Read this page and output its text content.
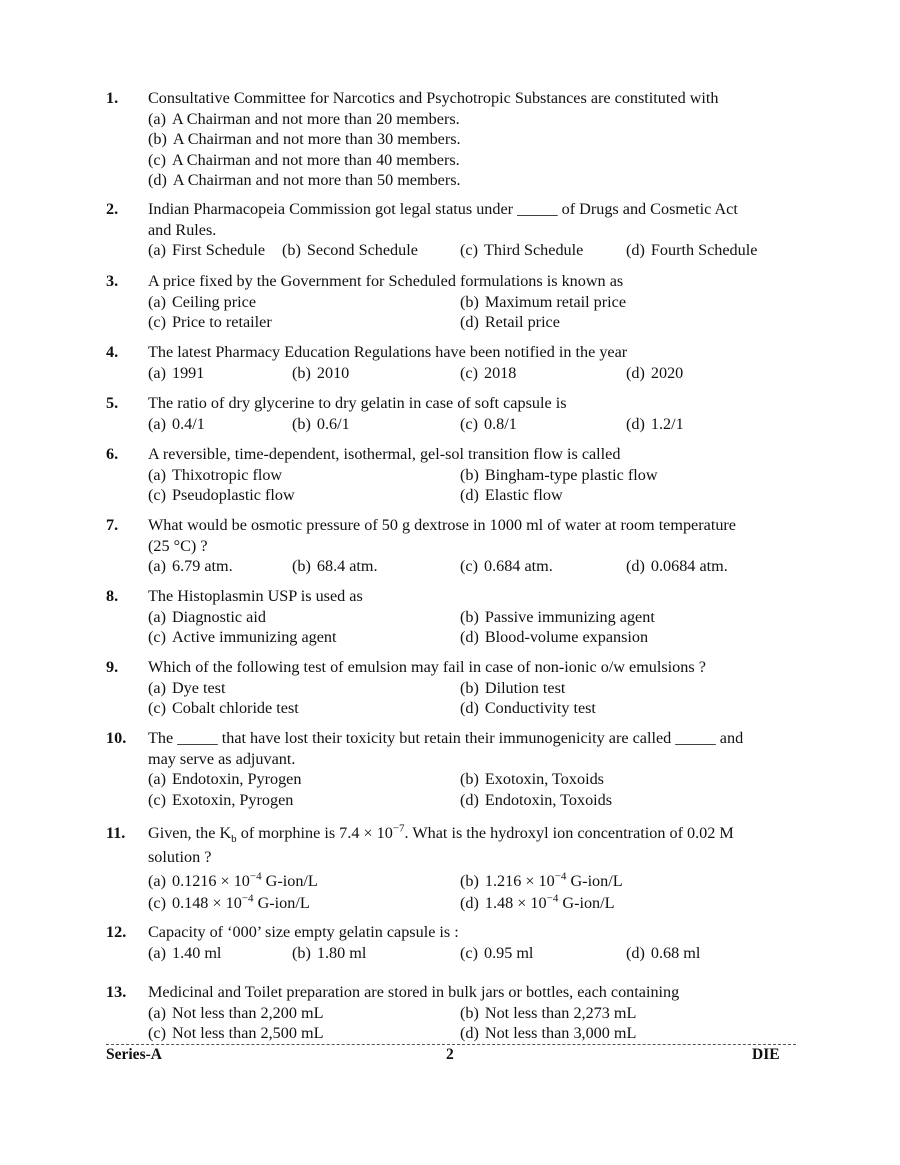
1.	Consultative Committee for Narcotics and Psychotropic Substances are constituted with
(a) A Chairman and not more than 20 members.
(b) A Chairman and not more than 30 members.
(c) A Chairman and not more than 40 members.
(d) A Chairman and not more than 50 members.
2.	Indian Pharmacopeia Commission got legal status under _____ of Drugs and Cosmetic Act
and Rules.
(a) First Schedule (b) Second Schedule	(c) Third Schedule	(d) Fourth Schedule
3.	A price fixed by the Government for Scheduled formulations is known as
(a) Ceiling price	(b) Maximum retail price
(c) Price to retailer	(d) Retail price
4.	The latest Pharmacy Education Regulations have been notified in the year
(a) 1991	(b) 2010	(c) 2018	(d) 2020
5.	The ratio of dry glycerine to dry gelatin in case of soft capsule is
(a) 0.4/1	(b) 0.6/1	(c) 0.8/1	(d) 1.2/1
6.	A reversible, time-dependent, isothermal, gel-sol transition flow is called
(a) Thixotropic flow	(b) Bingham-type plastic flow
(c) Pseudoplastic flow	(d) Elastic flow
7.	What would be osmotic pressure of 50 g dextrose in 1000 ml of water at room temperature
(25 °C) ?
(a) 6.79 atm.	(b) 68.4 atm.	(c) 0.684 atm.	(d) 0.0684 atm.
8.	The Histoplasmin USP is used as
(a) Diagnostic aid	(b) Passive immunizing agent
(c) Active immunizing agent	(d) Blood-volume expansion
9.	Which of the following test of emulsion may fail in case of non-ionic o/w emulsions ?
(a) Dye test	(b) Dilution test
(c) Cobalt chloride test	(d) Conductivity test
10.	The _____ that have lost their toxicity but retain their immunogenicity are called _____ and
may serve as adjuvant.
(a) Endotoxin, Pyrogen	(b) Exotoxin, Toxoids
(c) Exotoxin, Pyrogen	(d) Endotoxin, Toxoids
11.	Given, the $K_b$ of morphine is $7.4 \times 10^{-7}$. What is the hydroxyl ion concentration of 0.02 M
solution ?
(a) $0.1216 \times 10^{-4}$ G-ion/L	(b) $1.216 \times 10^{-4}$ G-ion/L
(c) $0.148 \times 10^{-4}$ G-ion/L	(d) $1.48 \times 10^{-4}$ G-ion/L
12.	Capacity of ‘000’ size empty gelatin capsule is :
(a) 1.40 ml	(b) 1.80 ml	(c) 0.95 ml	(d) 0.68 ml
13.	Medicinal and Toilet preparation are stored in bulk jars or bottles, each containing
(a) Not less than 2,200 mL	(b) Not less than 2,273 mL
(c) Not less than 2,500 mL	(d) Not less than 3,000 mL
Series-A	2	DIE
